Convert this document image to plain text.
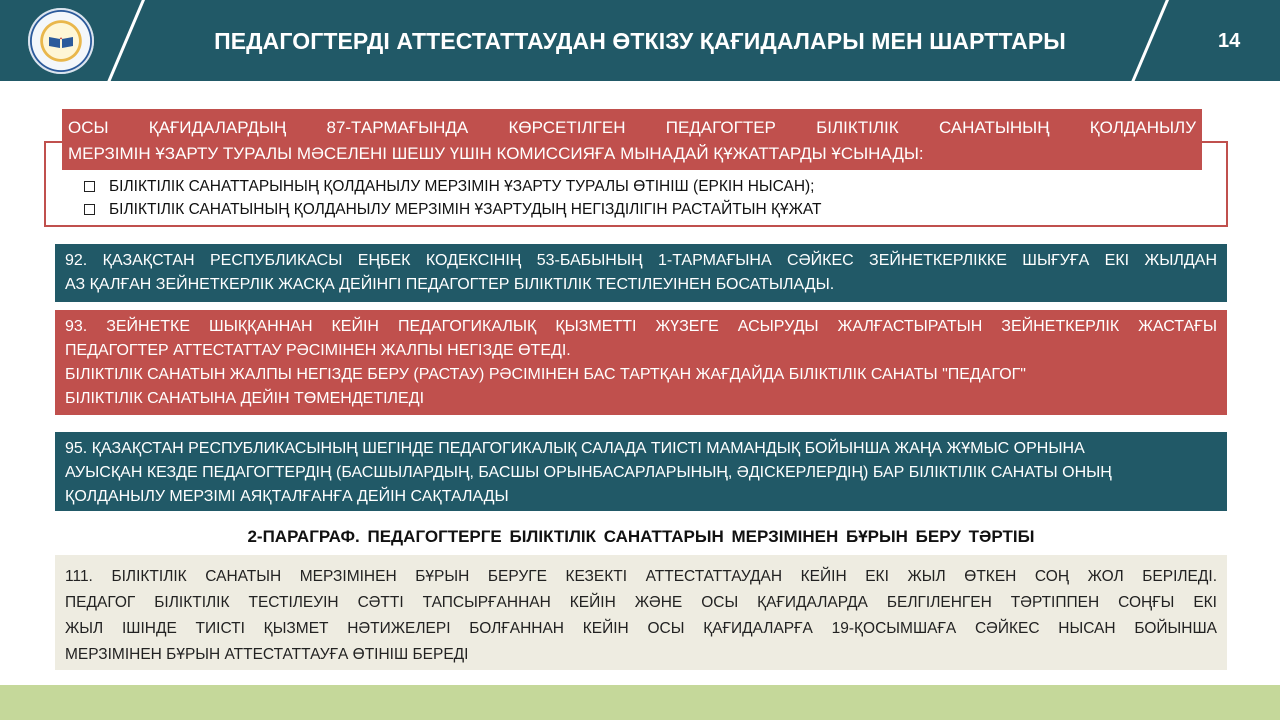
ПЕДАГОГТЕРДІ АТТЕСТАТТАУДАН ӨТКІЗУ ҚАҒИДАЛАРЫ МЕН ШАРТТАРЫ	14
ОСЫ ҚАҒИДАЛАРДЫҢ 87-ТАРМАҒЫНДА КӨРСЕТІЛГЕН ПЕДАГОГТЕР БІЛІКТІЛІК САНАТЫНЫҢ ҚОЛДАНЫЛУ
МЕРЗІМІН ҰЗАРТУ ТУРАЛЫ МӘСЕЛЕНІ ШЕШУ ҮШІН КОМИССИЯҒА МЫНАДАЙ ҚҰЖАТТАРДЫ ҰСЫНАДЫ:
БІЛІКТІЛІК САНАТТАРЫНЫҢ ҚОЛДАНЫЛУ МЕРЗІМІН ҰЗАРТУ ТУРАЛЫ ӨТІНІШ (ЕРКІН НЫСАН);
БІЛІКТІЛІК САНАТЫНЫҢ ҚОЛДАНЫЛУ МЕРЗІМІН ҰЗАРТУДЫҢ НЕГІЗДІЛІГІН РАСТАЙТЫН ҚҰЖАТ
92. ҚАЗАҚСТАН РЕСПУБЛИКАСЫ ЕҢБЕК КОДЕКСІНІҢ 53-БАБЫНЫҢ 1-ТАРМАҒЫНА СӘЙКЕС ЗЕЙНЕТКЕРЛІККЕ ШЫҒУҒА ЕКІ ЖЫЛДАН
АЗ ҚАЛҒАН ЗЕЙНЕТКЕРЛІК ЖАСҚА ДЕЙІНГІ ПЕДАГОГТЕР БІЛІКТІЛІК ТЕСТІЛЕУІНЕН БОСАТЫЛАДЫ.
93. ЗЕЙНЕТКЕ ШЫҚҚАННАН КЕЙІН ПЕДАГОГИКАЛЫҚ ҚЫЗМЕТТІ ЖҮЗЕГЕ АСЫРУДЫ ЖАЛҒАСТЫРАТЫН ЗЕЙНЕТКЕРЛІК ЖАСТАҒЫ
ПЕДАГОГТЕР АТТЕСТАТТАУ РӘСІМІНЕН ЖАЛПЫ НЕГІЗДЕ ӨТЕДІ.
БІЛІКТІЛІК САНАТЫН ЖАЛПЫ НЕГІЗДЕ БЕРУ (РАСТАУ) РӘСІМІНЕН БАС ТАРТҚАН ЖАҒДАЙДА БІЛІКТІЛІК САНАТЫ "ПЕДАГОГ"
БІЛІКТІЛІК САНАТЫНА ДЕЙІН ТӨМЕНДЕТІЛЕДІ
95. ҚАЗАҚСТАН РЕСПУБЛИКАСЫНЫҢ ШЕГІНДЕ ПЕДАГОГИКАЛЫҚ САЛАДА ТИІСТІ МАМАНДЫҚ БОЙЫНША ЖАҢА ЖҰМЫС ОРНЫНА
АУЫСҚАН КЕЗДЕ ПЕДАГОГТЕРДІҢ (БАСШЫЛАРДЫҢ, БАСШЫ ОРЫНБАСАРЛАРЫНЫҢ, ӘДІСКЕРЛЕРДІҢ) БАР БІЛІКТІЛІК САНАТЫ ОНЫҢ
ҚОЛДАНЫЛУ МЕРЗІМІ АЯҚТАЛҒАНҒА ДЕЙІН САҚТАЛАДЫ
2-ПАРАГРАФ. ПЕДАГОГТЕРГЕ БІЛІКТІЛІК САНАТТАРЫН МЕРЗІМІНЕН БҰРЫН БЕРУ ТӘРТІБІ
111. БІЛІКТІЛІК САНАТЫН МЕРЗІМІНЕН БҰРЫН БЕРУГЕ КЕЗЕКТІ АТТЕСТАТТАУДАН КЕЙІН ЕКІ ЖЫЛ ӨТКЕН СОҢ ЖОЛ БЕРІЛЕДІ.
ПЕДАГОГ БІЛІКТІЛІК ТЕСТІЛЕУІН СӘТТІ ТАПСЫРҒАННАН КЕЙІН ЖӘНЕ ОСЫ ҚАҒИДАЛАРДА БЕЛГІЛЕНГЕН ТӘРТІППЕН СОҢҒЫ ЕКІ
ЖЫЛ ІШІНДЕ ТИІСТІ ҚЫЗМЕТ НӘТИЖЕЛЕРІ БОЛҒАННАН КЕЙІН ОСЫ ҚАҒИДАЛАРҒА 19-ҚОСЫМШАҒА СӘЙКЕС НЫСАН БОЙЫНША
МЕРЗІМІНЕН БҰРЫН АТТЕСТАТТАУҒА ӨТІНІШ БЕРЕДІ
